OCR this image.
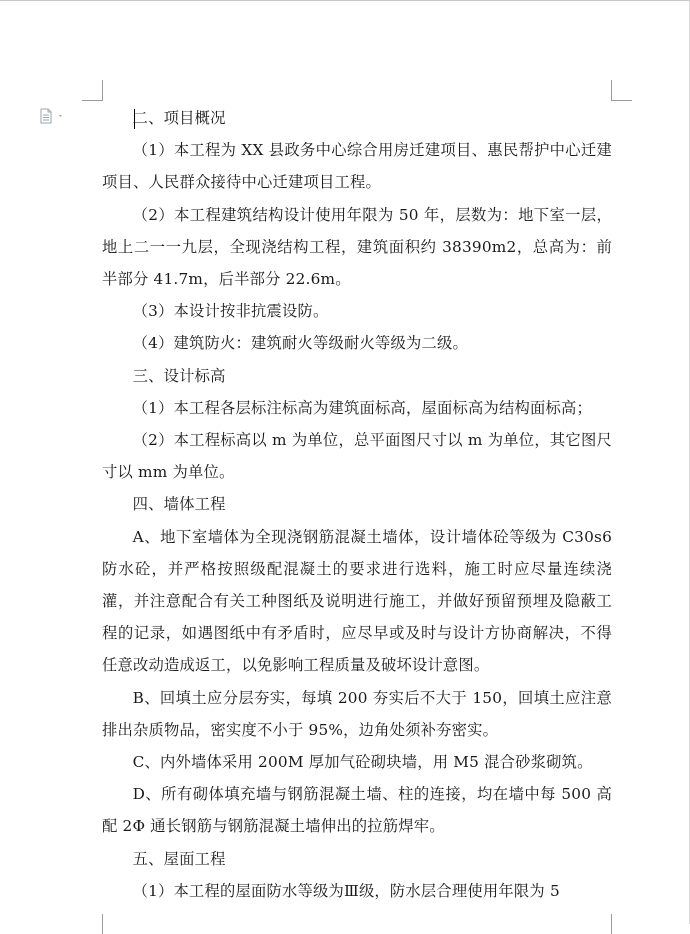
二、项目概况

（1）本工程为 XX 县政务中心综合用房迁建项目、惠民帮护中心迁建项目、人民群众接待中心迁建项目工程。

（2）本工程建筑结构设计使用年限为 50 年，层数为：地下室一层，地上二一一九层，全现浇结构工程，建筑面积约 38390m2，总高为：前半部分 41.7m，后半部分 22.6m。

（3）本设计按非抗震设防。

（4）建筑防火：建筑耐火等级耐火等级为二级。

三、设计标高

（1）本工程各层标注标高为建筑面标高，屋面标高为结构面标高；

（2）本工程标高以 m 为单位，总平面图尺寸以 m 为单位，其它图尺寸以 mm 为单位。

四、墙体工程

A、地下室墙体为全现浇钢筋混凝土墙体，设计墙体砼等级为 C30s6 防水砼，并严格按照级配混凝土的要求进行选料，施工时应尽量连续浇灌，并注意配合有关工种图纸及说明进行施工，并做好预留预埋及隐蔽工程的记录，如遇图纸中有矛盾时，应尽早或及时与设计方协商解决，不得任意改动造成返工，以免影响工程质量及破坏设计意图。

B、回填土应分层夯实，每填 200 夯实后不大于 150，回填土应注意排出杂质物品，密实度不小于 95%，边角处须补夯密实。

C、内外墙体采用 200M 厚加气砼砌块墙，用 M5 混合砂浆砌筑。

D、所有砌体填充墙与钢筋混凝土墙、柱的连接，均在墙中每 500 高配 2Φ 通长钢筋与钢筋混凝土墙伸出的拉筋焊牢。

五、屋面工程

（1）本工程的屋面防水等级为Ⅲ级，防水层合理使用年限为 5
